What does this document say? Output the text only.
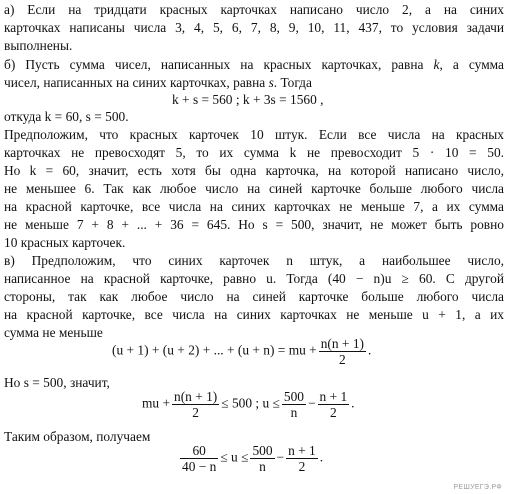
а) Если на тридцати красных карточках написано число 2, а на синих
карточках написаны числа 3, 4, 5, 6, 7, 8, 9, 10, 11, 437, то условия задачи
выполнены.
б) Пусть сумма чисел, написанных на красных карточках, равна k, а сумма
чисел, написанных на синих карточках, равна s. Тогда
k + s = 560 ; k + 3s = 1560 ,
откуда k = 60, s = 500.
Предположим, что красных карточек 10 штук. Если все числа на красных
карточках не превосходят 5, то их сумма k не превосходит 5 · 10 = 50.
Но k = 60, значит, есть хотя бы одна карточка, на которой написано число,
не меньшее 6. Так как любое число на синей карточке больше любого числа
на красной карточке, все числа на синих карточках не меньше 7, а их сумма
не меньше 7 + 8 + ... + 36 = 645. Но s = 500, значит, не может быть ровно
10 красных карточек.
в) Предположим, что синих карточек n штук, а наибольшее число,
написанное на красной карточке, равно u. Тогда (40 − n)u ≥ 60. С другой
стороны, так как любое число на синей карточке больше любого числа
на красной карточке, все числа на синих карточках не меньше u + 1, а их
сумма не меньше
(u + 1) + (u + 2) + ... + (u + n) = mu + $\frac{n(n + 1)}{2}$ .
Но s = 500, значит,
mu + $\frac{n(n + 1)}{2} \le 500$ ; $u \le \frac{500}{n} - \frac{n + 1}{2}$ .
Таким образом, получаем
$\frac{60}{40 - n} \le u \le \frac{500}{n} - \frac{n + 1}{2}$ .
РЕШУЕГЭ.РФ
